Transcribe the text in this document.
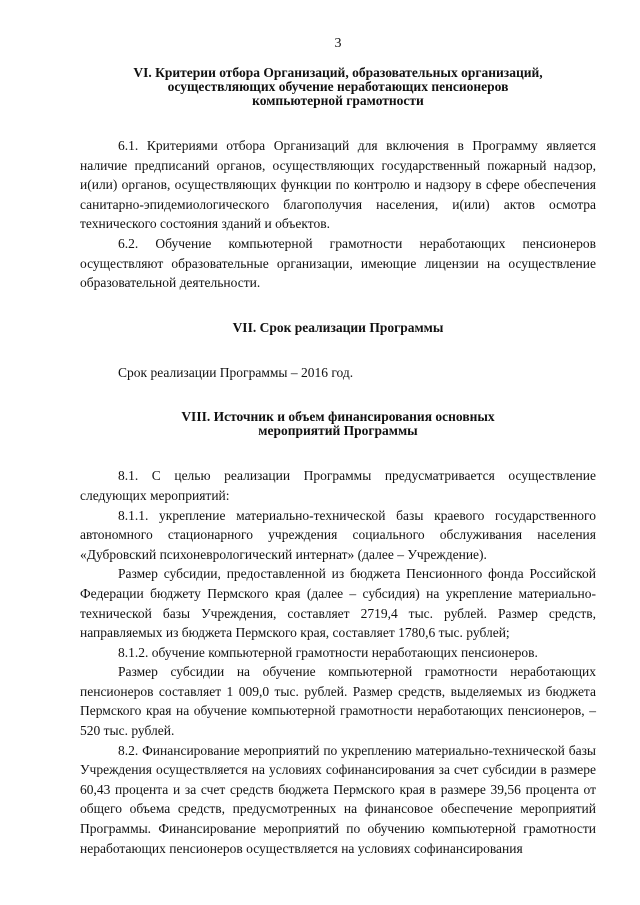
3
VI. Критерии отбора Организаций, образовательных организаций,
осуществляющих обучение неработающих пенсионеров
компьютерной грамотности

6.1. Критериями отбора Организаций для включения в Программу является наличие предписаний органов, осуществляющих государственный пожарный надзор, и(или) органов, осуществляющих функции по контролю и надзору в сфере обеспечения санитарно-эпидемиологического благополучия населения, и(или) актов осмотра технического состояния зданий и объектов.

6.2. Обучение компьютерной грамотности неработающих пенсионеров осуществляют образовательные организации, имеющие лицензии на осуществление образовательной деятельности.

VII. Срок реализации Программы

Срок реализации Программы – 2016 год.

VIII. Источник и объем финансирования основных
мероприятий Программы

8.1. С целью реализации Программы предусматривается осуществление следующих мероприятий:

8.1.1. укрепление материально-технической базы краевого государственного автономного стационарного учреждения социального обслуживания населения «Дубровский психоневрологический интернат» (далее – Учреждение).

Размер субсидии, предоставленной из бюджета Пенсионного фонда Российской Федерации бюджету Пермского края (далее – субсидия) на укрепление материально-технической базы Учреждения, составляет 2719,4 тыс. рублей. Размер средств, направляемых из бюджета Пермского края, составляет 1780,6 тыс. рублей;

8.1.2. обучение компьютерной грамотности неработающих пенсионеров.

Размер субсидии на обучение компьютерной грамотности неработающих пенсионеров составляет 1 009,0 тыс. рублей. Размер средств, выделяемых из бюджета Пермского края на обучение компьютерной грамотности неработающих пенсионеров, – 520 тыс. рублей.

8.2. Финансирование мероприятий по укреплению материально-технической базы Учреждения осуществляется на условиях софинансирования за счет субсидии в размере 60,43 процента и за счет средств бюджета Пермского края в размере 39,56 процента от общего объема средств, предусмотренных на финансовое обеспечение мероприятий Программы. Финансирование мероприятий по обучению компьютерной грамотности неработающих пенсионеров осуществляется на условиях софинансирования
